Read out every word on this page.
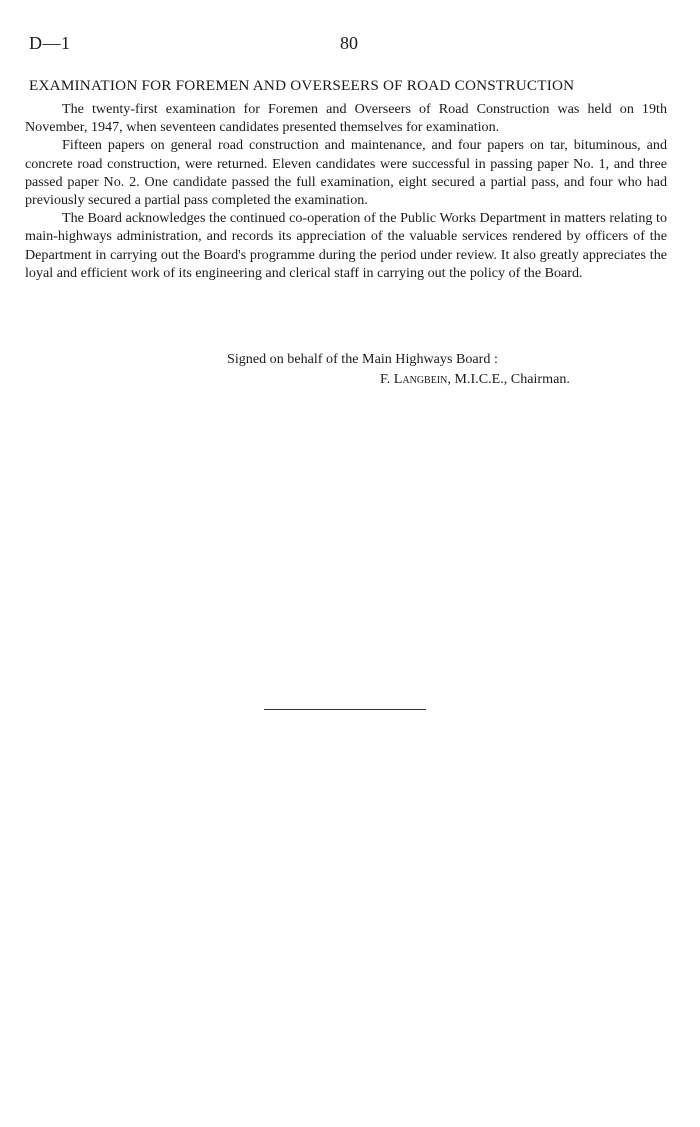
D—1	80
EXAMINATION FOR FOREMEN AND OVERSEERS OF ROAD CONSTRUCTION

The twenty-first examination for Foremen and Overseers of Road Construction was held on 19th November, 1947, when seventeen candidates presented themselves for examination.

Fifteen papers on general road construction and maintenance, and four papers on tar, bituminous, and concrete road construction, were returned. Eleven candidates were successful in passing paper No. 1, and three passed paper No. 2. One candidate passed the full examination, eight secured a partial pass, and four who had previously secured a partial pass completed the examination.

The Board acknowledges the continued co-operation of the Public Works Department in matters relating to main-highways administration, and records its appreciation of the valuable services rendered by officers of the Department in carrying out the Board's programme during the period under review. It also greatly appreciates the loyal and efficient work of its engineering and clerical staff in carrying out the policy of the Board.

Signed on behalf of the Main Highways Board :
F. Langbein, M.I.C.E., Chairman.
